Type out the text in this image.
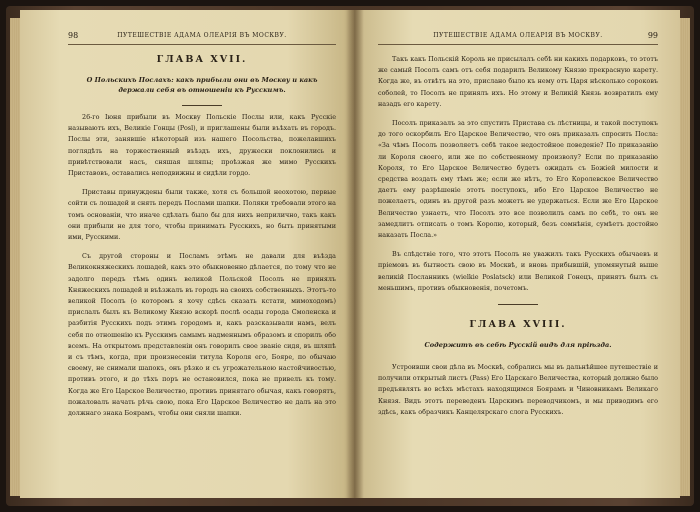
98	ПУТЕШЕСТВІЕ АДАМА ОЛЕАРІЯ ВЪ МОСКВУ.
ГЛАВА XVII.
О Польскихъ Послахъ: какъ прибыли они въ Москву и какъ держали себя въ отношеніи къ Русскимъ.

26-го Іюня прибыли въ Москву Польскіе Послы или, какъ Русскіе называютъ ихъ, Великіе Гонцы (Posl), и приглашены были въѣхать въ городъ. Послы эти, занявшіе нѣкоторый изъ нашего Посольства, пожелавшихъ поглядѣть на торжественный въѣздъ ихъ, дружески поклонились и привѣтствовали насъ, сняшая шляпы; проѣзжая же мимо Русскихъ Приставовъ, оставались неподвижны и сидѣли гордо.

Приставы принуждены были также, хотя съ большой неохотою, первые сойти съ лошадей и снять передъ Послами шапки. Поляки требовали этого на томъ основаніи, что иначе сдѣлать было бы для нихъ неприлично, такъ какъ они прибыли не для того, чтобы принимать Русскихъ, но быть принятыми ими, Русскими.

Съ другой стороны и Посламъ этѣмъ не давали для въѣзда Великокняжескихъ лошадей, какъ это обыкновенно дѣлается, по тому что не задолго передъ тѣмъ одинъ великой Польской Посолъ не принялъ Княжескихъ лошадей и въѣзжалъ въ городъ на своихъ собственныхъ. Этотъ-то великой Посолъ (о которомъ я хочу сдѣсь сказать кстати, мимоходомъ) прислалъ былъ къ Великому Князю вскорѣ послѣ осады города Смоленска и разбитія Русскихъ подъ этимъ городомъ и, какъ разсказывали намъ, велъ себя по отношенію къ Русскимъ самымъ надменнымъ образомъ и спорилъ обо всемъ. На открытомъ представленіи онъ говорилъ свое званіе сидя, въ шляпѣ и съ тѣмъ, когда, при произнесеніи титула Короля его, Бояре, по обычаю своему, не снимали шапокъ, онъ рѣзко и съ угрожательною настойчивостью, противъ этого, и до тѣхъ поръ не остановился, пока не привелъ къ тому. Когда же Его Царское Величество, противъ принятаго обычая, какъ говорятъ, пожаловалъ начать рѣчь свою, пока Его Царское Величество не далъ на это должнаго знака Боярамъ, чтобы они сняли шапки.

ПУТЕШЕСТВІЕ АДАМА ОЛЕАРІЯ ВЪ МОСКВУ.	99

Такъ какъ Польскій Король не присылалъ себѣ ни какихъ подарковъ, то этотъ же самый Посолъ самъ отъ себя подарилъ Великому Князю прекрасную карету. Когда же, въ отвѣтъ на это, прислано было къ нему отъ Царя нѣсколько сороковъ соболей, то Посолъ не принялъ ихъ. Но этому и Великій Князь возвратилъ ему назадъ его карету.

Посолъ приказалъ за это спустить Пристава съ лѣстницы, и такой поступокъ до того оскорбилъ Его Царское Величество, что онъ приказалъ спросить Посла: «За чѣмъ Посолъ позволяетъ себѣ такое недостойное поведеніе? По приказанію ли Короля своего, или же по собственному произволу? Если по приказанію Короля, то Его Царское Величество будетъ ожидать съ Божіей милости и средства воздать ему тѣмъ же; если же нѣтъ, то Его Королевское Величество даетъ ему разрѣшеніе этотъ поступокъ, ибо Его Царское Величество не пожелаетъ, одинъ въ другой разъ можетъ не удержаться. Если же Его Царское Величество узнаетъ, что Посолъ это все позволилъ самъ по себѣ, то онъ не замедлитъ отписать о томъ Королю, который, безъ сомнѣнія, сумѣетъ достойно наказать Посла.»

Въ слѣдствіе того, что этотъ Посолъ не уважилъ такъ Русскихъ обычаевъ и пріемовъ въ бытность свою въ Москвѣ, и вновь прибывшій, упомянутый выше великій Посланникъ (wielkie Poslatsck) или Великой Гонецъ, принятъ былъ съ меньшимъ, противъ обыкновенія, почетомъ.

ГЛАВА XVIII.
Содержитъ въ себѣ Русскій видъ для пріѣзда.

Устроивши свои дѣла въ Москвѣ, собрались мы въ дальнѣйшее путешествіе и получили открытый листъ (Pass) Его Царскаго Величества, который должно было предъявлять во всѣхъ мѣстахъ находящимся Боярамъ и Чиновникамъ Великаго Князя. Видъ этотъ переведенъ Царскимъ переводчикомъ, и мы приводимъ его здѣсь, какъ образчикъ Канцелярскаго слога Русскихъ.
